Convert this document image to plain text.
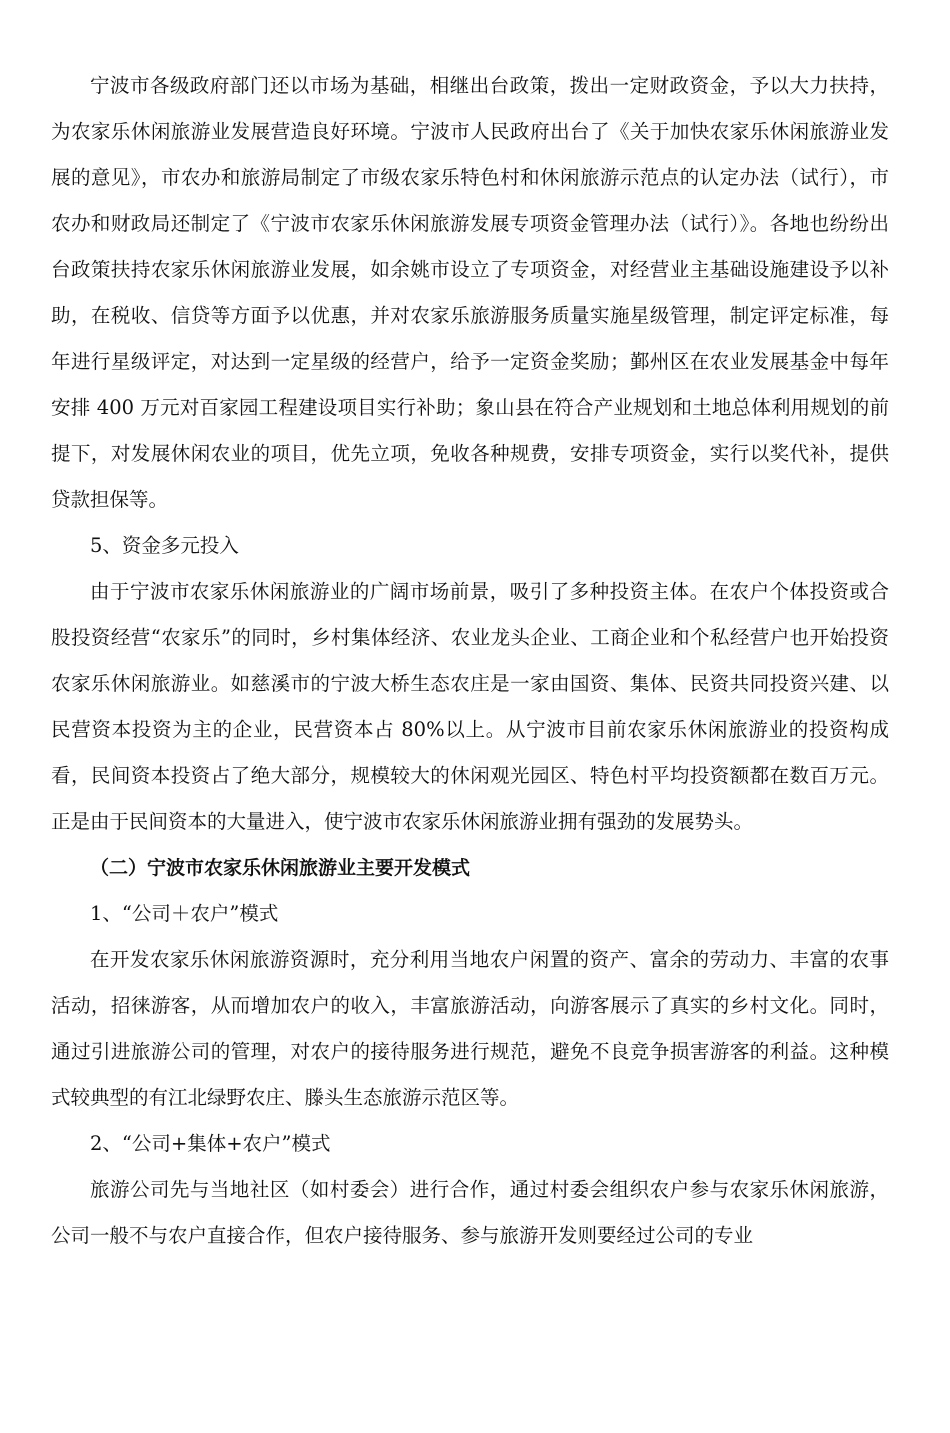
宁波市各级政府部门还以市场为基础，相继出台政策，拨出一定财政资金，予以大力扶持，为农家乐休闲旅游业发展营造良好环境。宁波市人民政府出台了《关于加快农家乐休闲旅游业发展的意见》，市农办和旅游局制定了市级农家乐特色村和休闲旅游示范点的认定办法（试行），市农办和财政局还制定了《宁波市农家乐休闲旅游发展专项资金管理办法（试行）》。各地也纷纷出台政策扶持农家乐休闲旅游业发展，如余姚市设立了专项资金，对经营业主基础设施建设予以补助，在税收、信贷等方面予以优惠，并对农家乐旅游服务质量实施星级管理，制定评定标准，每年进行星级评定，对达到一定星级的经营户，给予一定资金奖励；鄞州区在农业发展基金中每年安排 400 万元对百家园工程建设项目实行补助；象山县在符合产业规划和土地总体利用规划的前提下，对发展休闲农业的项目，优先立项，免收各种规费，安排专项资金，实行以奖代补，提供贷款担保等。

5、资金多元投入

由于宁波市农家乐休闲旅游业的广阔市场前景，吸引了多种投资主体。在农户个体投资或合股投资经营“农家乐”的同时，乡村集体经济、农业龙头企业、工商企业和个私经营户也开始投资农家乐休闲旅游业。如慈溪市的宁波大桥生态农庄是一家由国资、集体、民资共同投资兴建、以民营资本投资为主的企业，民营资本占 80%以上。从宁波市目前农家乐休闲旅游业的投资构成看，民间资本投资占了绝大部分，规模较大的休闲观光园区、特色村平均投资额都在数百万元。正是由于民间资本的大量进入，使宁波市农家乐休闲旅游业拥有强劲的发展势头。

（二）宁波市农家乐休闲旅游业主要开发模式

1、“公司＋农户”模式

在开发农家乐休闲旅游资源时，充分利用当地农户闲置的资产、富余的劳动力、丰富的农事活动，招徕游客，从而增加农户的收入，丰富旅游活动，向游客展示了真实的乡村文化。同时，通过引进旅游公司的管理，对农户的接待服务进行规范，避免不良竞争损害游客的利益。这种模式较典型的有江北绿野农庄、滕头生态旅游示范区等。

2、“公司+集体+农户”模式

旅游公司先与当地社区（如村委会）进行合作，通过村委会组织农户参与农家乐休闲旅游，公司一般不与农户直接合作，但农户接待服务、参与旅游开发则要经过公司的专业
